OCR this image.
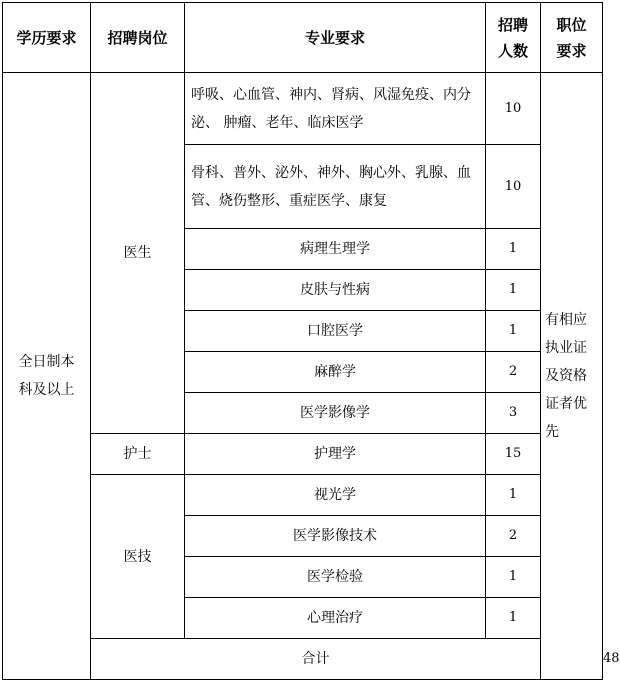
学历要求	招聘岗位	专业要求	招聘人数	职位要求	
全日制本科及以上	医生	呼吸、心血管、神内、肾病、风湿免疫、内分泌、 肿瘤、老年、临床医学	10	有相应执业证及资格证者优先	
		骨科、普外、泌外、神外、胸心外、乳腺、血管、烧伤整形、重症医学、康复	10		
		病理生理学	1		
		皮肤与性病	1		
		口腔医学	1		
		麻醉学	2		
		医学影像学	3		
	护士	护理学	15		
	医技	视光学	1		
		医学影像技术	2		
		医学检验	1		
		心理治疗	1		
	合计				48	
